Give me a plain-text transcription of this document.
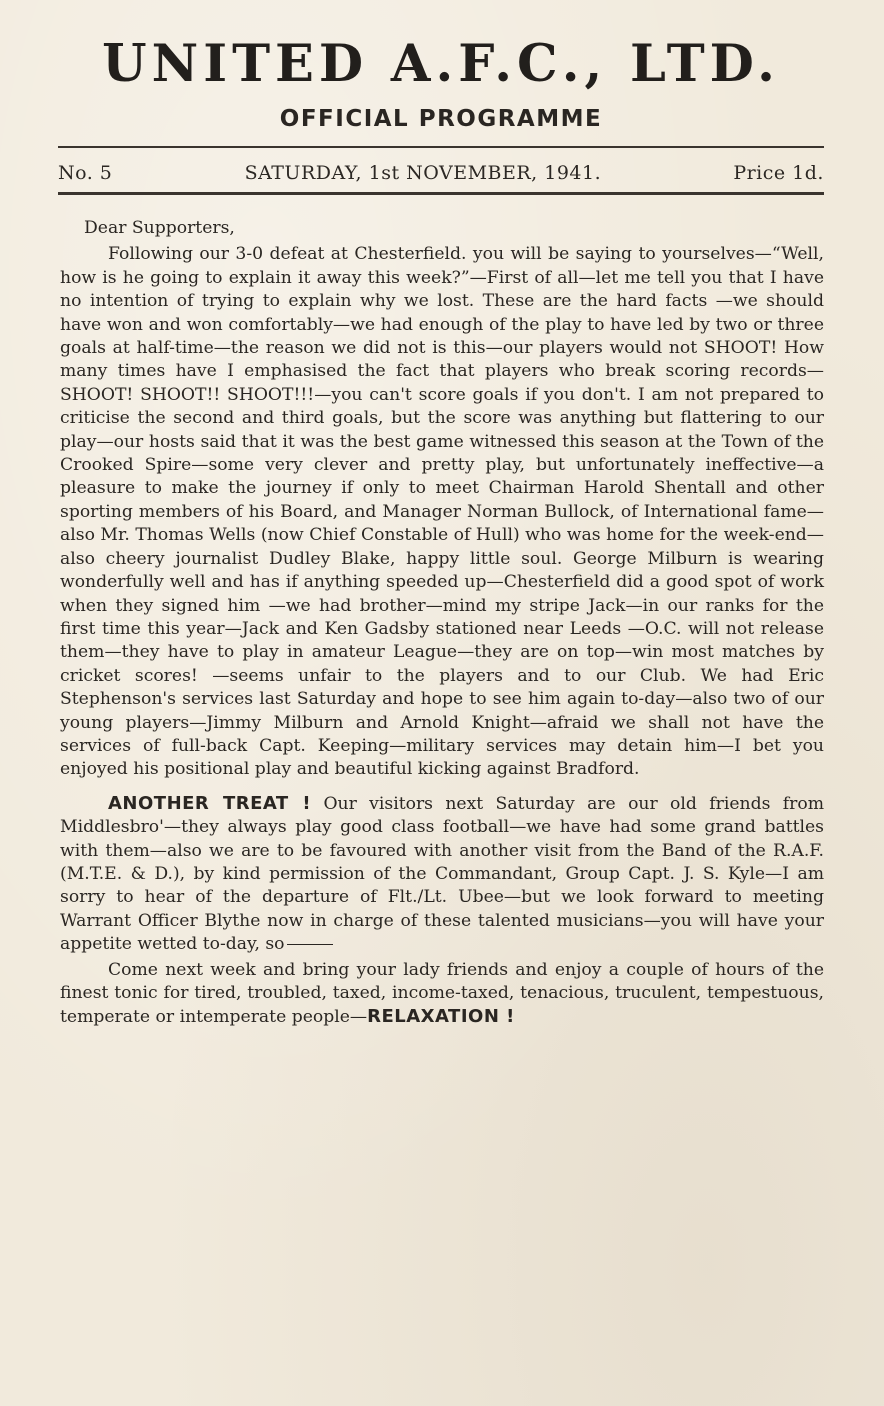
UNITED A.F.C., LTD.
OFFICIAL PROGRAMME
No. 5	SATURDAY, 1st NOVEMBER, 1941.	Price 1d.

Dear Supporters,

Following our 3-0 defeat at Chesterfield. you will be saying to yourselves—“Well, how is he going to explain it away this week?”—First of all—let me tell you that I have no intention of trying to explain why we lost. These are the hard facts —we should have won and won comfortably—we had enough of the play to have led by two or three goals at half-time—the reason we did not is this—our players would not SHOOT! How many times have I emphasised the fact that players who break scoring records—SHOOT! SHOOT!! SHOOT!!!—you can't score goals if you don't. I am not prepared to criticise the second and third goals, but the score was anything but flattering to our play—our hosts said that it was the best game witnessed this season at the Town of the Crooked Spire—some very clever and pretty play, but unfortunately ineffective—a pleasure to make the journey if only to meet Chairman Harold Shentall and other sporting members of his Board, and Manager Norman Bullock, of International fame—also Mr. Thomas Wells (now Chief Constable of Hull) who was home for the week-end—also cheery journalist Dudley Blake, happy little soul. George Milburn is wearing wonderfully well and has if anything speeded up—Chesterfield did a good spot of work when they signed him —we had brother—mind my stripe Jack—in our ranks for the first time this year—Jack and Ken Gadsby stationed near Leeds —O.C. will not release them—they have to play in amateur League—they are on top—win most matches by cricket scores! —seems unfair to the players and to our Club. We had Eric Stephenson's services last Saturday and hope to see him again to-day—also two of our young players—Jimmy Milburn and Arnold Knight—afraid we shall not have the services of full-back Capt. Keeping—military services may detain him—I bet you enjoyed his positional play and beautiful kicking against Bradford.

ANOTHER TREAT ! Our visitors next Saturday are our old friends from Middlesbro'—they always play good class football—we have had some grand battles with them—also we are to be favoured with another visit from the Band of the R.A.F. (M.T.E. & D.), by kind permission of the Commandant, Group Capt. J. S. Kyle—I am sorry to hear of the departure of Flt./Lt. Ubee—but we look forward to meeting Warrant Officer Blythe now in charge of these talented musicians—you will have your appetite wetted to-day, so

Come next week and bring your lady friends and enjoy a couple of hours of the finest tonic for tired, troubled, taxed, income-taxed, tenacious, truculent, tempestuous, temperate or intemperate people—RELAXATION !
